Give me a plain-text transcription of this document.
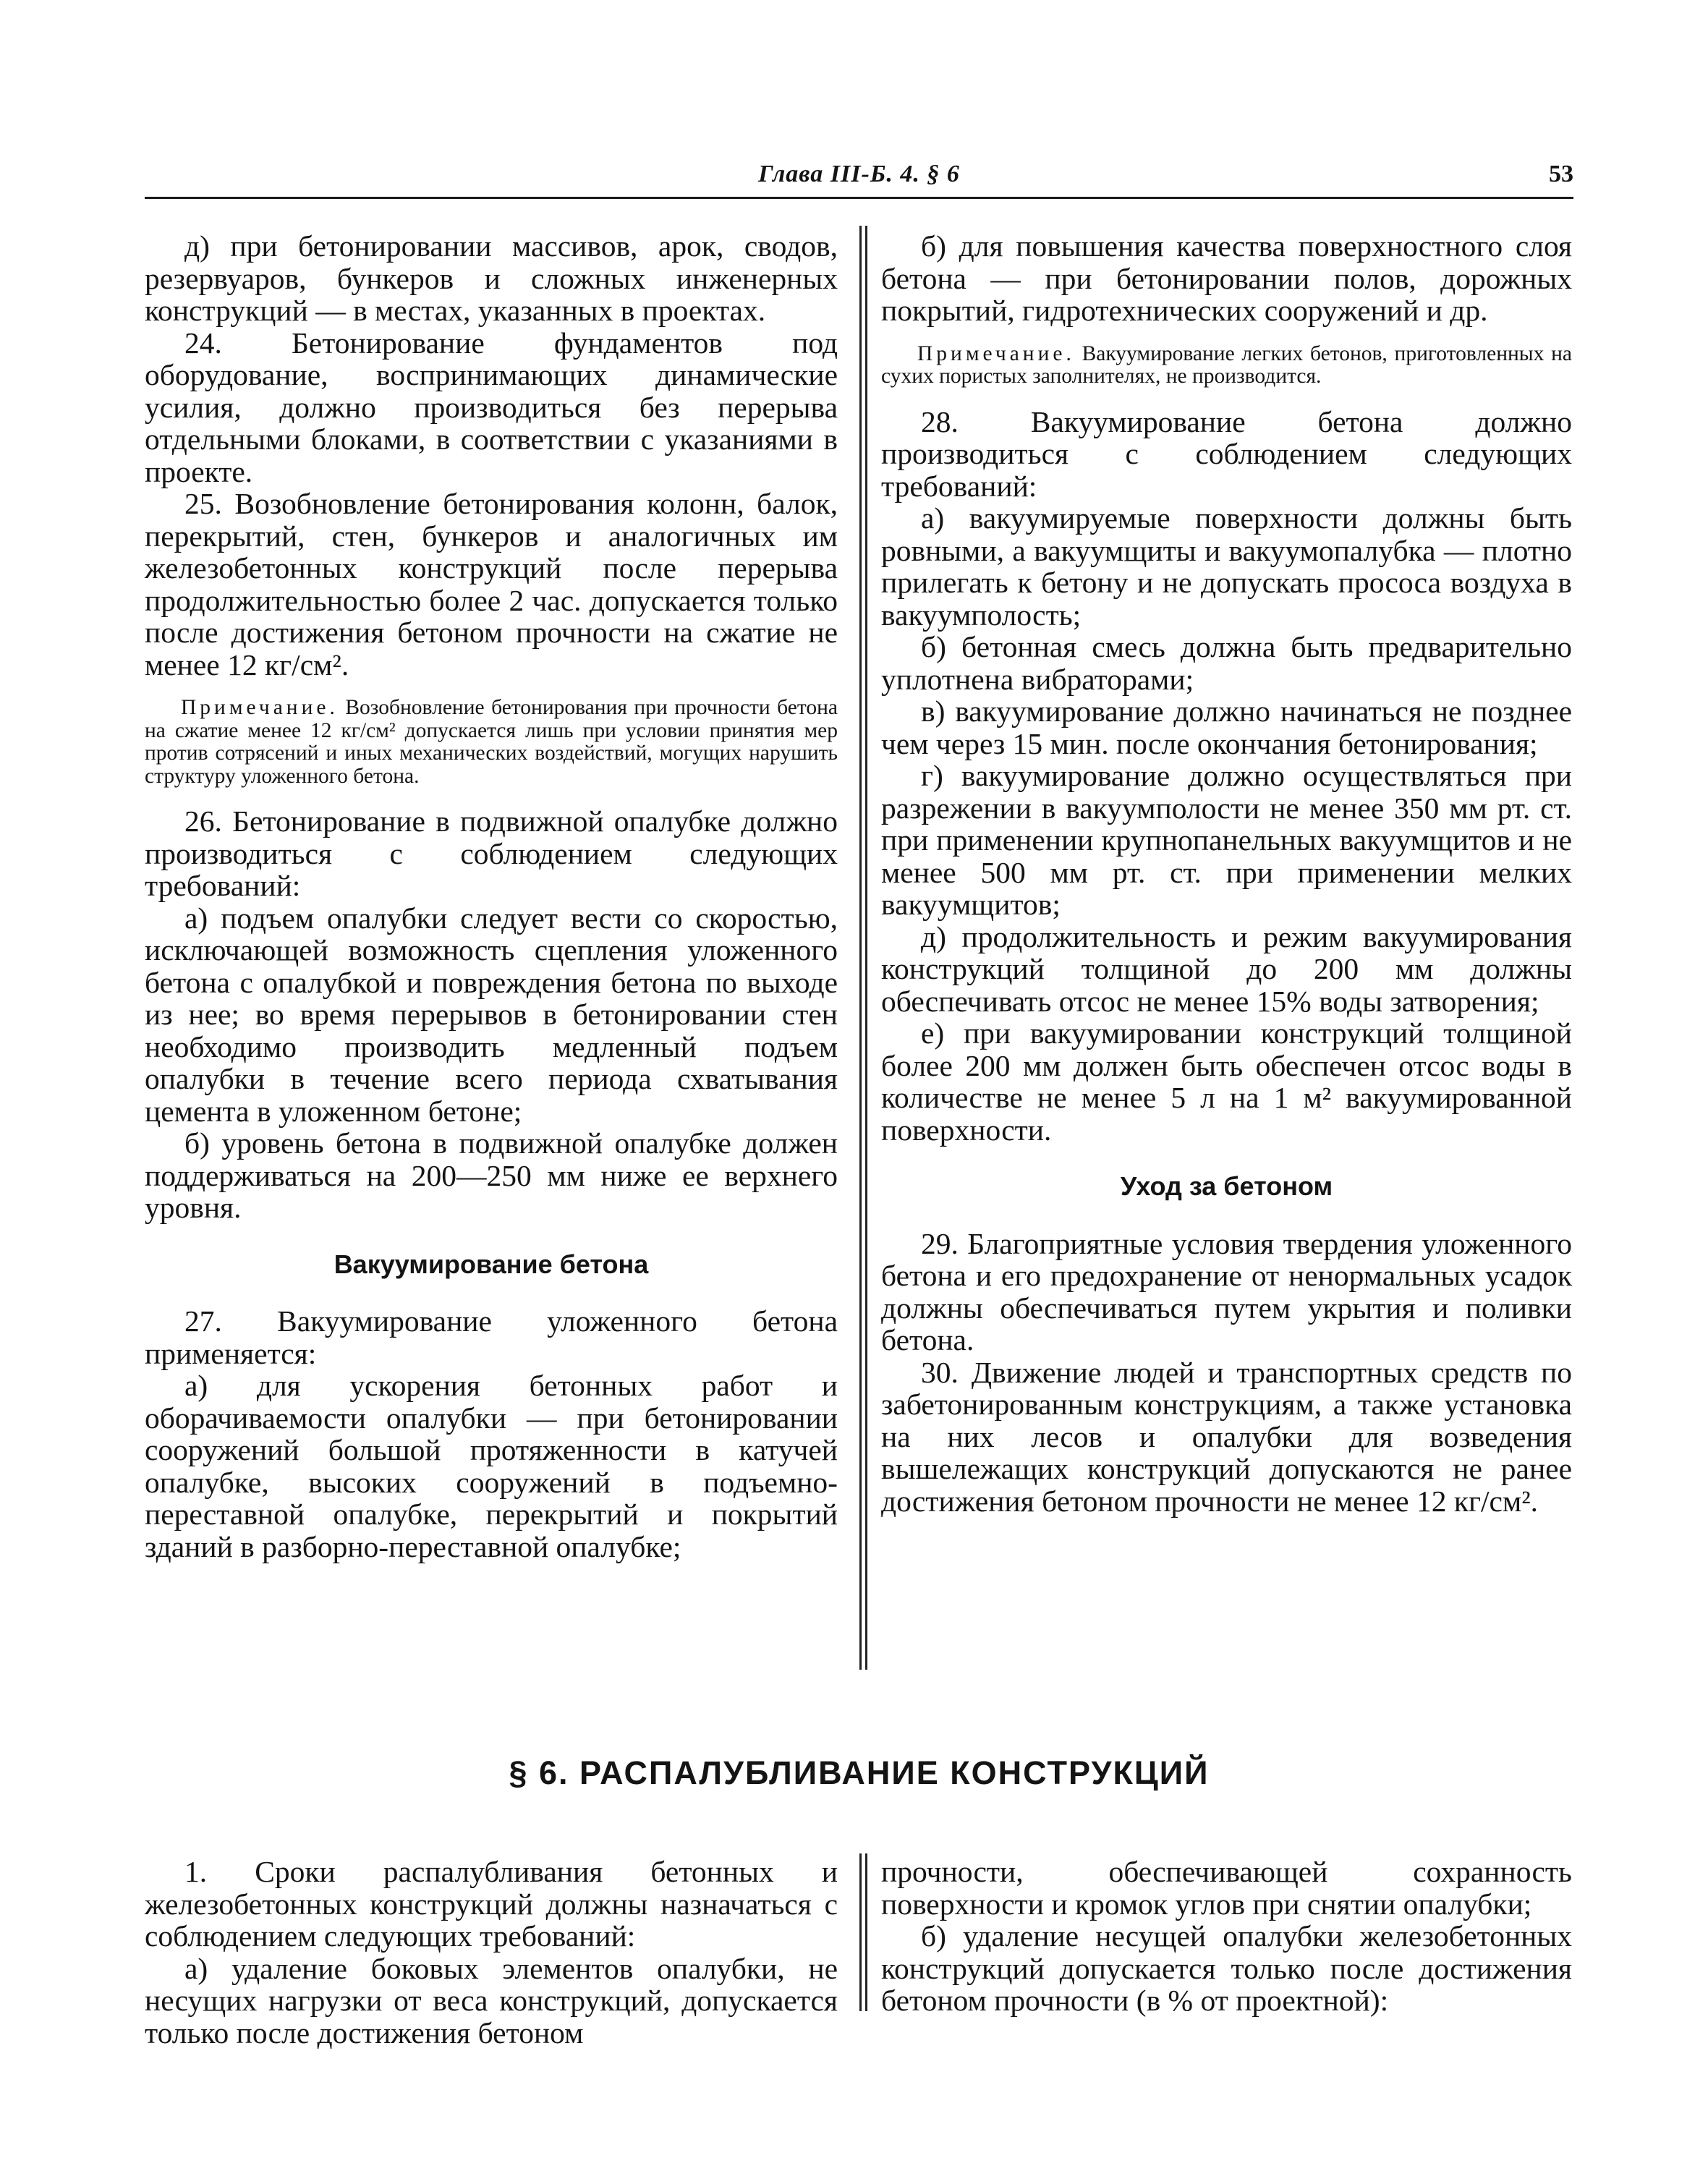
Глава III-Б. 4. § 6	53

д) при бетонировании массивов, арок, сводов, резервуаров, бункеров и сложных инженерных конструкций — в местах, указанных в проектах.

24. Бетонирование фундаментов под оборудование, воспринимающих динамические усилия, должно производиться без перерыва отдельными блоками, в соответствии с указаниями в проекте.

25. Возобновление бетонирования колонн, балок, перекрытий, стен, бункеров и аналогичных им железобетонных конструкций после перерыва продолжительностью более 2 час. допускается только после достижения бетоном прочности на сжатие не менее 12 кг/см².

Примечание. Возобновление бетонирования при прочности бетона на сжатие менее 12 кг/см² допускается лишь при условии принятия мер против сотрясений и иных механических воздействий, могущих нарушить структуру уложенного бетона.

26. Бетонирование в подвижной опалубке должно производиться с соблюдением следующих требований:

а) подъем опалубки следует вести со скоростью, исключающей возможность сцепления уложенного бетона с опалубкой и повреждения бетона по выходе из нее; во время перерывов в бетонировании стен необходимо производить медленный подъем опалубки в течение всего периода схватывания цемента в уложенном бетоне;

б) уровень бетона в подвижной опалубке должен поддерживаться на 200—250 мм ниже ее верхнего уровня.

Вакуумирование бетона

27. Вакуумирование уложенного бетона применяется:

а) для ускорения бетонных работ и оборачиваемости опалубки — при бетонировании сооружений большой протяженности в катучей опалубке, высоких сооружений в подъемно-переставной опалубке, перекрытий и покрытий зданий в разборно-переставной опалубке;

б) для повышения качества поверхностного слоя бетона — при бетонировании полов, дорожных покрытий, гидротехнических сооружений и др.

Примечание. Вакуумирование легких бетонов, приготовленных на сухих пористых заполнителях, не производится.

28. Вакуумирование бетона должно производиться с соблюдением следующих требований:

а) вакуумируемые поверхности должны быть ровными, а вакуумщиты и вакуумопалубка — плотно прилегать к бетону и не допускать прососа воздуха в вакуумполость;

б) бетонная смесь должна быть предварительно уплотнена вибраторами;

в) вакуумирование должно начинаться не позднее чем через 15 мин. после окончания бетонирования;

г) вакуумирование должно осуществляться при разрежении в вакуумполости не менее 350 мм рт. ст. при применении крупнопанельных вакуумщитов и не менее 500 мм рт. ст. при применении мелких вакуумщитов;

д) продолжительность и режим вакуумирования конструкций толщиной до 200 мм должны обеспечивать отсос не менее 15% воды затворения;

е) при вакуумировании конструкций толщиной более 200 мм должен быть обеспечен отсос воды в количестве не менее 5 л на 1 м² вакуумированной поверхности.

Уход за бетоном

29. Благоприятные условия твердения уложенного бетона и его предохранение от ненормальных усадок должны обеспечиваться путем укрытия и поливки бетона.

30. Движение людей и транспортных средств по забетонированным конструкциям, а также установка на них лесов и опалубки для возведения вышележащих конструкций допускаются не ранее достижения бетоном прочности не менее 12 кг/см².

§ 6. РАСПАЛУБЛИВАНИЕ КОНСТРУКЦИЙ

1. Сроки распалубливания бетонных и железобетонных конструкций должны назначаться с соблюдением следующих требований:

а) удаление боковых элементов опалубки, не несущих нагрузки от веса конструкций, допускается только после достижения бетоном

прочности, обеспечивающей сохранность поверхности и кромок углов при снятии опалубки;

б) удаление несущей опалубки железобетонных конструкций допускается только после достижения бетоном прочности (в % от проектной):
